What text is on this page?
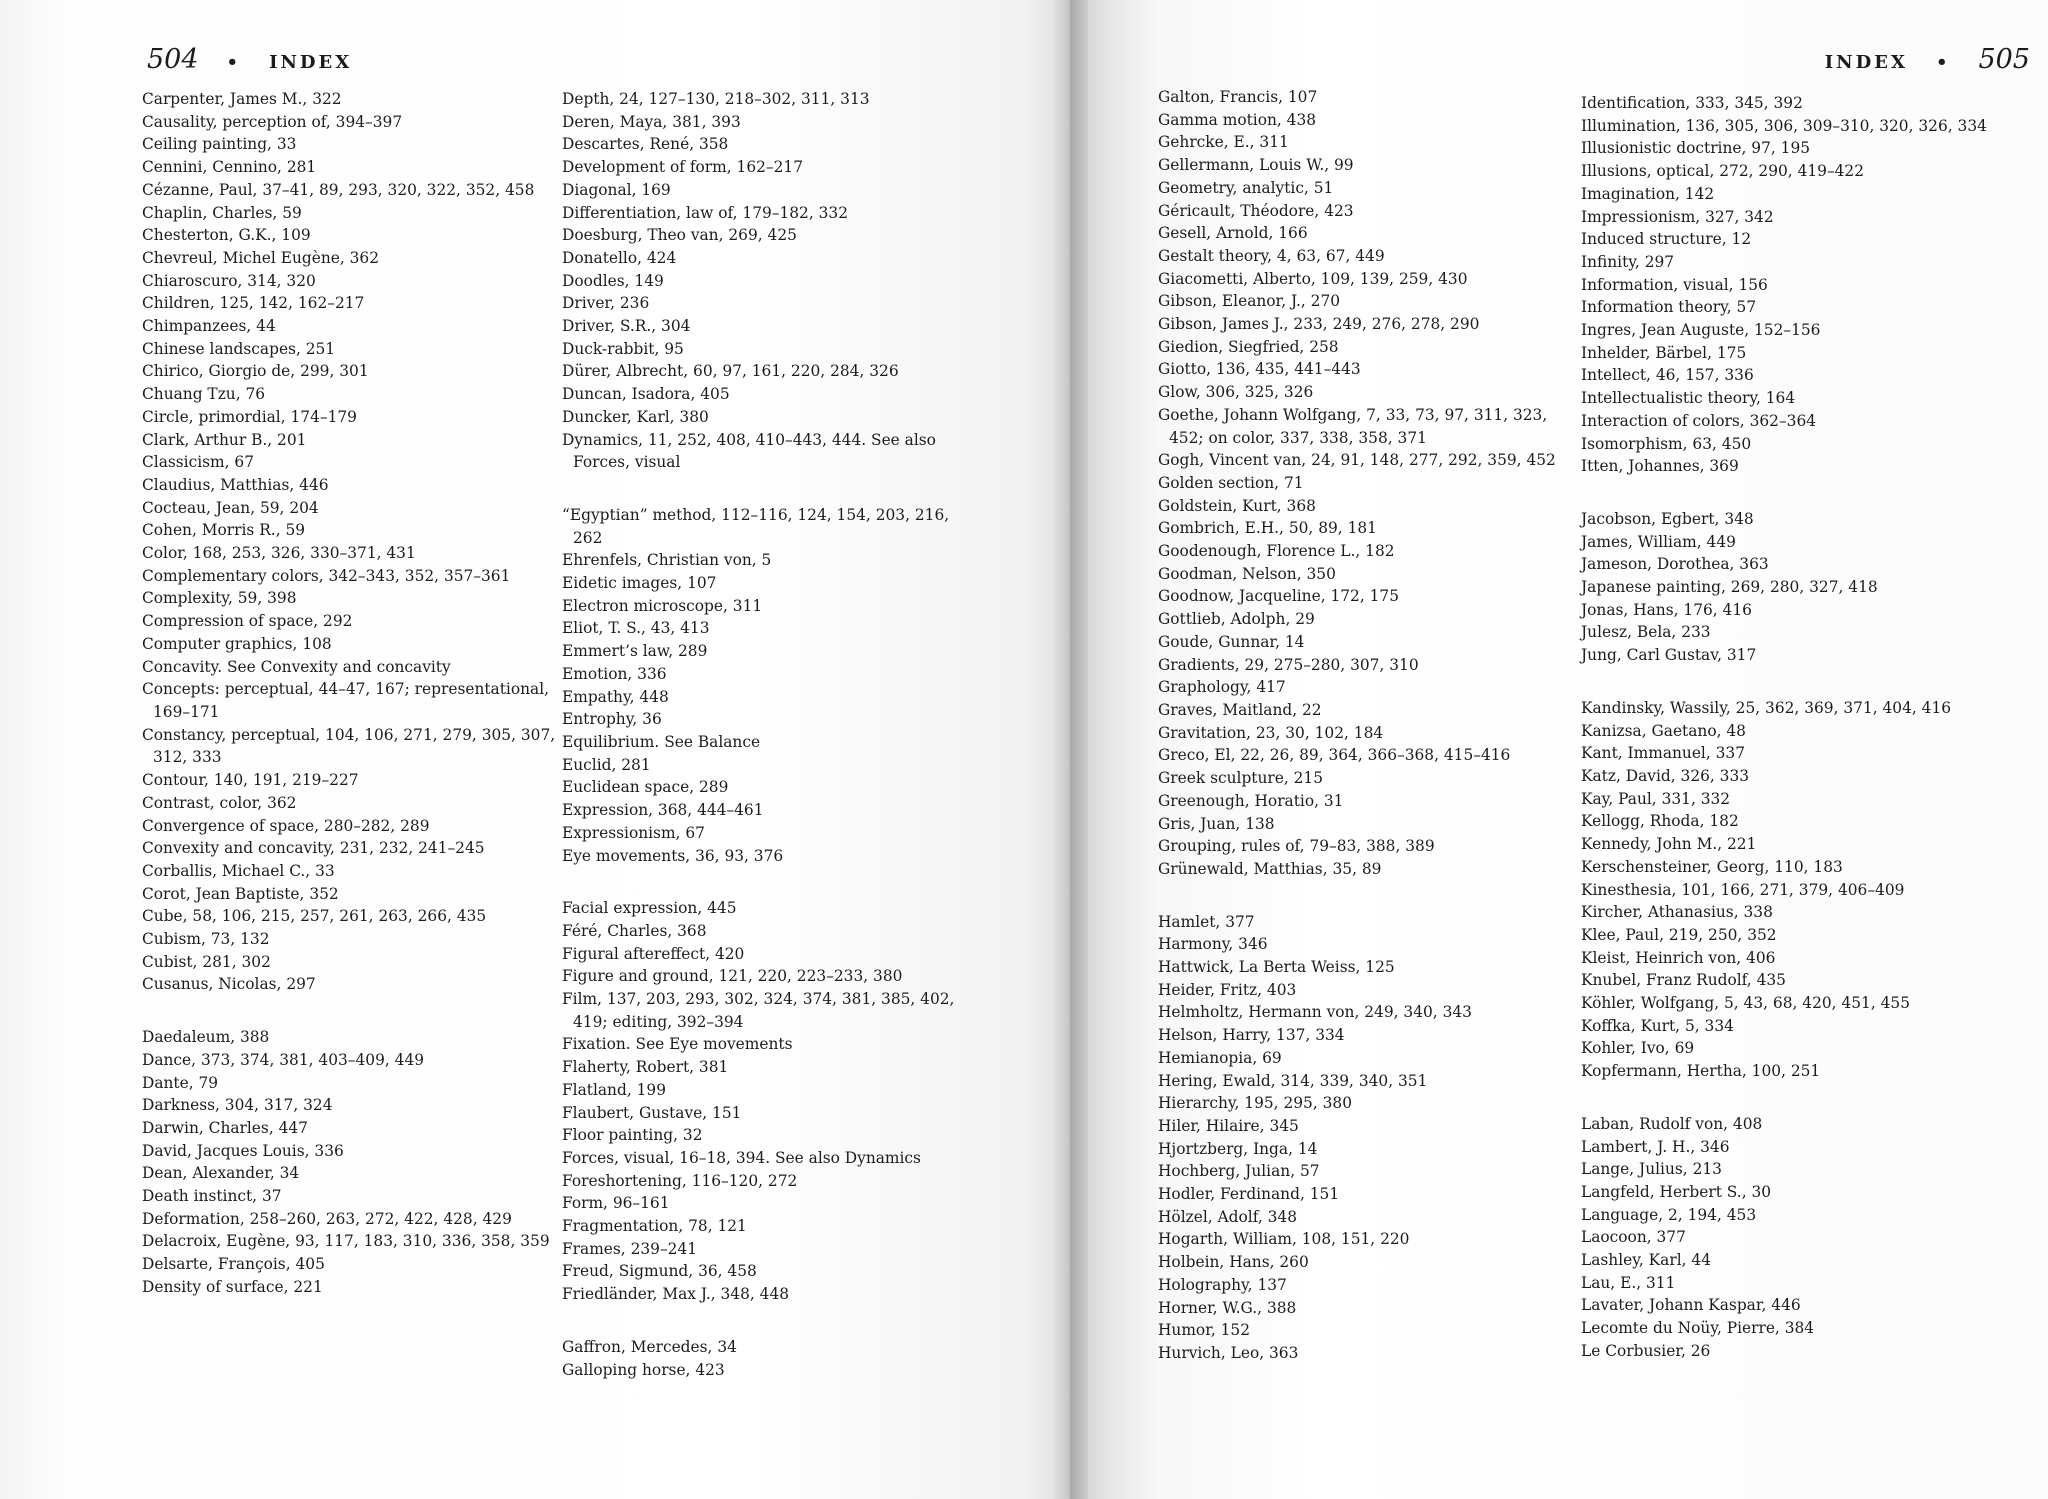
504 • INDEX	INDEX • 505
Carpenter, James M., 322
Causality, perception of, 394–397
Ceiling painting, 33
Cennini, Cennino, 281
Cézanne, Paul, 37–41, 89, 293, 320, 322, 352, 458
Chaplin, Charles, 59
Chesterton, G.K., 109
Chevreul, Michel Eugène, 362
Chiaroscuro, 314, 320
Children, 125, 142, 162–217
Chimpanzees, 44
Chinese landscapes, 251
Chirico, Giorgio de, 299, 301
Chuang Tzu, 76
Circle, primordial, 174–179
Clark, Arthur B., 201
Classicism, 67
Claudius, Matthias, 446
Cocteau, Jean, 59, 204
Cohen, Morris R., 59
Color, 168, 253, 326, 330–371, 431
Complementary colors, 342–343, 352, 357–361
Complexity, 59, 398
Compression of space, 292
Computer graphics, 108
Concavity. See Convexity and concavity
Concepts: perceptual, 44–47, 167; representational, 169–171
Constancy, perceptual, 104, 106, 271, 279, 305, 307, 312, 333
Contour, 140, 191, 219–227
Contrast, color, 362
Convergence of space, 280–282, 289
Convexity and concavity, 231, 232, 241–245
Corballis, Michael C., 33
Corot, Jean Baptiste, 352
Cube, 58, 106, 215, 257, 261, 263, 266, 435
Cubism, 73, 132
Cubist, 281, 302
Cusanus, Nicolas, 297
Daedaleum, 388
Dance, 373, 374, 381, 403–409, 449
Dante, 79
Darkness, 304, 317, 324
Darwin, Charles, 447
David, Jacques Louis, 336
Dean, Alexander, 34
Death instinct, 37
Deformation, 258–260, 263, 272, 422, 428, 429
Delacroix, Eugène, 93, 117, 183, 310, 336, 358, 359
Delsarte, François, 405
Density of surface, 221
Depth, 24, 127–130, 218–302, 311, 313
Deren, Maya, 381, 393
Descartes, René, 358
Development of form, 162–217
Diagonal, 169
Differentiation, law of, 179–182, 332
Doesburg, Theo van, 269, 425
Donatello, 424
Doodles, 149
Driver, 236
Driver, S.R., 304
Duck-rabbit, 95
Dürer, Albrecht, 60, 97, 161, 220, 284, 326
Duncan, Isadora, 405
Duncker, Karl, 380
Dynamics, 11, 252, 408, 410–443, 444. See also Forces, visual
“Egyptian” method, 112–116, 124, 154, 203, 216, 262
Ehrenfels, Christian von, 5
Eidetic images, 107
Electron microscope, 311
Eliot, T. S., 43, 413
Emmert’s law, 289
Emotion, 336
Empathy, 448
Entrophy, 36
Equilibrium. See Balance
Euclid, 281
Euclidean space, 289
Expression, 368, 444–461
Expressionism, 67
Eye movements, 36, 93, 376
Facial expression, 445
Féré, Charles, 368
Figural aftereffect, 420
Figure and ground, 121, 220, 223–233, 380
Film, 137, 203, 293, 302, 324, 374, 381, 385, 402, 419; editing, 392–394
Fixation. See Eye movements
Flaherty, Robert, 381
Flatland, 199
Flaubert, Gustave, 151
Floor painting, 32
Forces, visual, 16–18, 394. See also Dynamics
Foreshortening, 116–120, 272
Form, 96–161
Fragmentation, 78, 121
Frames, 239–241
Freud, Sigmund, 36, 458
Friedländer, Max J., 348, 448
Gaffron, Mercedes, 34
Galloping horse, 423
Galton, Francis, 107
Gamma motion, 438
Gehrcke, E., 311
Gellermann, Louis W., 99
Geometry, analytic, 51
Géricault, Théodore, 423
Gesell, Arnold, 166
Gestalt theory, 4, 63, 67, 449
Giacometti, Alberto, 109, 139, 259, 430
Gibson, Eleanor, J., 270
Gibson, James J., 233, 249, 276, 278, 290
Giedion, Siegfried, 258
Giotto, 136, 435, 441–443
Glow, 306, 325, 326
Goethe, Johann Wolfgang, 7, 33, 73, 97, 311, 323, 452; on color, 337, 338, 358, 371
Gogh, Vincent van, 24, 91, 148, 277, 292, 359, 452
Golden section, 71
Goldstein, Kurt, 368
Gombrich, E.H., 50, 89, 181
Goodenough, Florence L., 182
Goodman, Nelson, 350
Goodnow, Jacqueline, 172, 175
Gottlieb, Adolph, 29
Goude, Gunnar, 14
Gradients, 29, 275–280, 307, 310
Graphology, 417
Graves, Maitland, 22
Gravitation, 23, 30, 102, 184
Greco, El, 22, 26, 89, 364, 366–368, 415–416
Greek sculpture, 215
Greenough, Horatio, 31
Gris, Juan, 138
Grouping, rules of, 79–83, 388, 389
Grünewald, Matthias, 35, 89
Hamlet, 377
Harmony, 346
Hattwick, La Berta Weiss, 125
Heider, Fritz, 403
Helmholtz, Hermann von, 249, 340, 343
Helson, Harry, 137, 334
Hemianopia, 69
Hering, Ewald, 314, 339, 340, 351
Hierarchy, 195, 295, 380
Hiler, Hilaire, 345
Hjortzberg, Inga, 14
Hochberg, Julian, 57
Hodler, Ferdinand, 151
Hölzel, Adolf, 348
Hogarth, William, 108, 151, 220
Holbein, Hans, 260
Holography, 137
Horner, W.G., 388
Humor, 152
Hurvich, Leo, 363
Identification, 333, 345, 392
Illumination, 136, 305, 306, 309–310, 320, 326, 334
Illusionistic doctrine, 97, 195
Illusions, optical, 272, 290, 419–422
Imagination, 142
Impressionism, 327, 342
Induced structure, 12
Infinity, 297
Information, visual, 156
Information theory, 57
Ingres, Jean Auguste, 152–156
Inhelder, Bärbel, 175
Intellect, 46, 157, 336
Intellectualistic theory, 164
Interaction of colors, 362–364
Isomorphism, 63, 450
Itten, Johannes, 369
Jacobson, Egbert, 348
James, William, 449
Jameson, Dorothea, 363
Japanese painting, 269, 280, 327, 418
Jonas, Hans, 176, 416
Julesz, Bela, 233
Jung, Carl Gustav, 317
Kandinsky, Wassily, 25, 362, 369, 371, 404, 416
Kanizsa, Gaetano, 48
Kant, Immanuel, 337
Katz, David, 326, 333
Kay, Paul, 331, 332
Kellogg, Rhoda, 182
Kennedy, John M., 221
Kerschensteiner, Georg, 110, 183
Kinesthesia, 101, 166, 271, 379, 406–409
Kircher, Athanasius, 338
Klee, Paul, 219, 250, 352
Kleist, Heinrich von, 406
Knubel, Franz Rudolf, 435
Köhler, Wolfgang, 5, 43, 68, 420, 451, 455
Koffka, Kurt, 5, 334
Kohler, Ivo, 69
Kopfermann, Hertha, 100, 251
Laban, Rudolf von, 408
Lambert, J. H., 346
Lange, Julius, 213
Langfeld, Herbert S., 30
Language, 2, 194, 453
Laocoon, 377
Lashley, Karl, 44
Lau, E., 311
Lavater, Johann Kaspar, 446
Lecomte du Noüy, Pierre, 384
Le Corbusier, 26
